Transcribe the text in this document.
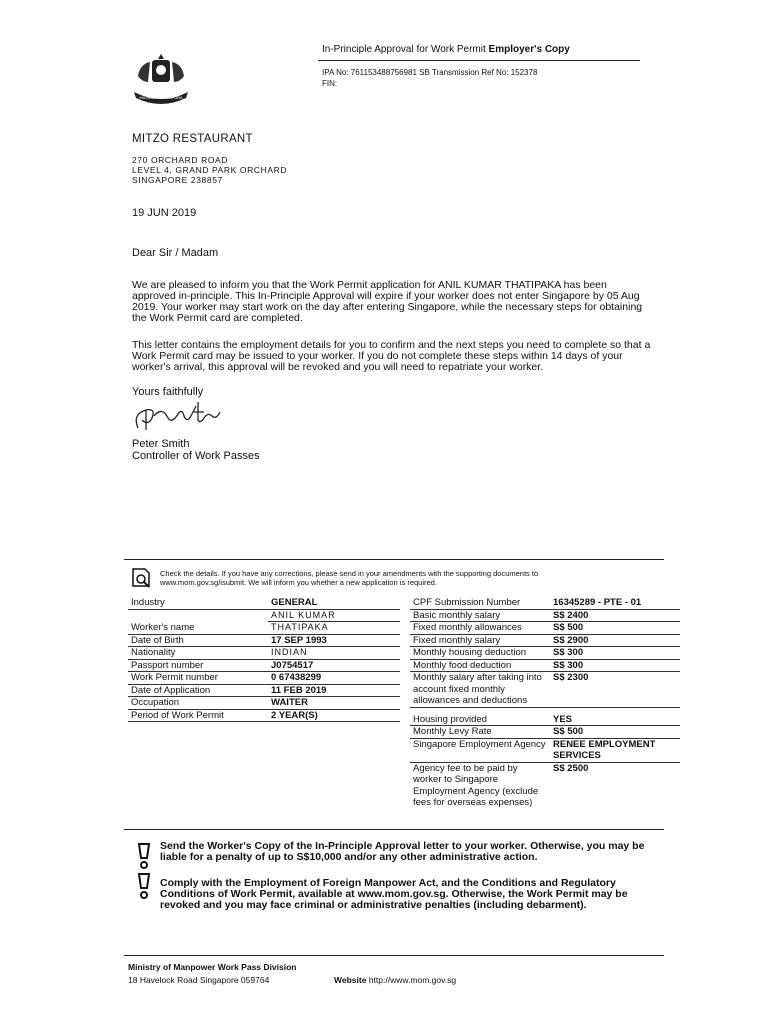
MAJULAH SINGAPURA
In-Principle Approval for Work Permit Employer's Copy
IPA No: 761153488756981 SB Transmission Ref No: 152378
FIN:
MITZO RESTAURANT
270 ORCHARD ROAD
LEVEL 4, GRAND PARK ORCHARD
SINGAPORE 238857
19 JUN 2019
Dear Sir / Madam
We are pleased to inform you that the Work Permit application for ANIL KUMAR THATIPAKA has been approved in-principle. This In-Principle Approval will expire if your worker does not enter Singapore by 05 Aug 2019. Your worker may start work on the day after entering Singapore, while the necessary steps for obtaining the Work Permit card are completed.
This letter contains the employment details for you to confirm and the next steps you need to complete so that a Work Permit card may be issued to your worker. If you do not complete these steps within 14 days of your worker's arrival, this approval will be revoked and you will need to repatriate your worker.
Yours faithfully
Peter Smith
Controller of Work Passes
Check the details. If you have any corrections, please send in your amendments with the supporting documents to www.mom.gov.sg/isubmit. We will inform you whether a new application is required.
Industry	GENERAL
	ANIL KUMAR
Worker's name	THATIPAKA
Date of Birth	17 SEP 1993
Nationality	INDIAN
Passport number	J0754517
Work Permit number	0 67438299
Date of Application	11 FEB 2019
Occupation	WAITER
Period of Work Permit	2 YEAR(S)
CPF Submission Number	16345289 - PTE - 01
Basic monthly salary	S$ 2400
Fixed monthly allowances	S$ 500
Fixed monthly salary	S$ 2900
Monthly housing deduction	S$ 300
Monthly food deduction	S$ 300
Monthly salary after taking into account fixed monthly allowances and deductions	S$ 2300

Housing provided	YES
Monthly Levy Rate	S$ 500
Singapore Employment Agency	RENEE EMPLOYMENT SERVICES
Agency fee to be paid by worker to Singapore Employment Agency (exclude fees for overseas expenses)	S$ 2500
Send the Worker's Copy of the In-Principle Approval letter to your worker. Otherwise, you may be liable for a penalty of up to S$10,000 and/or any other administrative action.
Comply with the Employment of Foreign Manpower Act, and the Conditions and Regulatory Conditions of Work Permit, available at www.mom.gov.sg. Otherwise, the Work Permit may be revoked and you may face criminal or administrative penalties (including debarment).
Ministry of Manpower Work Pass Division
18 Havelock Road Singapore 059764	Website http://www.mom.gov.sg
